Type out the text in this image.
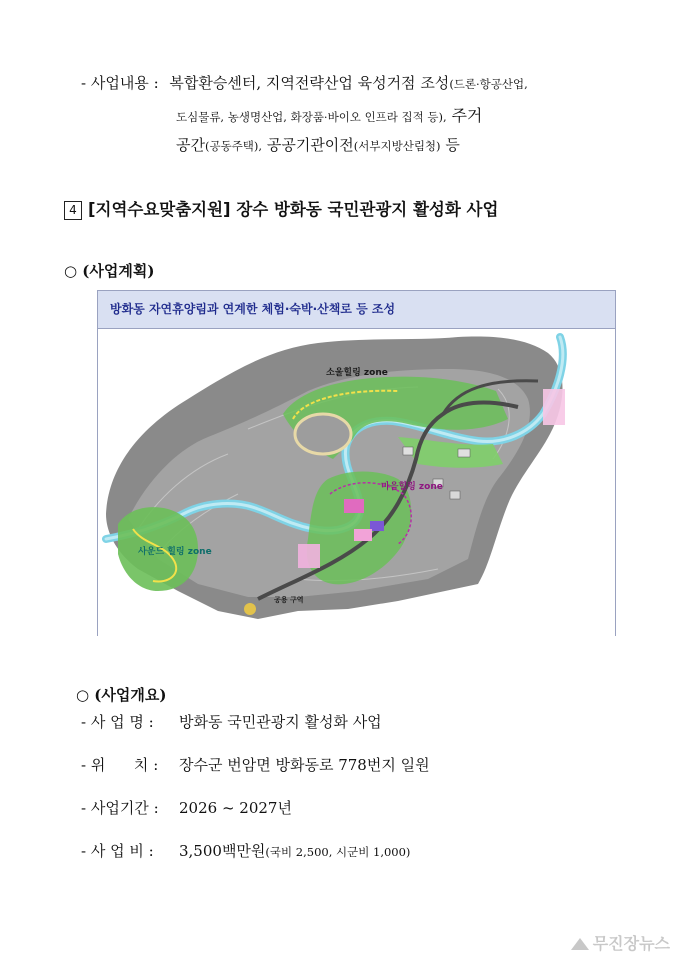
- 사업내용 : 복합환승센터, 지역전략산업 육성거점 조성(드론·항공산업,
도심물류, 농생명산업, 화장품·바이오 인프라 집적 등), 주거
공간(공동주택), 공공기관이전(서부지방산림청) 등
4 [지역수요맞춤지원] 장수 방화동 국민관광지 활성화 사업
○ (사업계획)
방화동 자연휴양림과 연계한 체험·숙박·산책로 등 조성
소울힐링 zone
마음힐링 zone
사운드 힐링 zone
공용 구역
○ (사업개요)
- 사 업 명 : 방화동 국민관광지 활성화 사업
- 위      치 : 장수군 번암면 방화동로 778번지 일원
- 사업기간 : 2026 ~ 2027년
- 사 업 비 : 3,500백만원(국비 2,500, 시군비 1,000)
무진장뉴스
